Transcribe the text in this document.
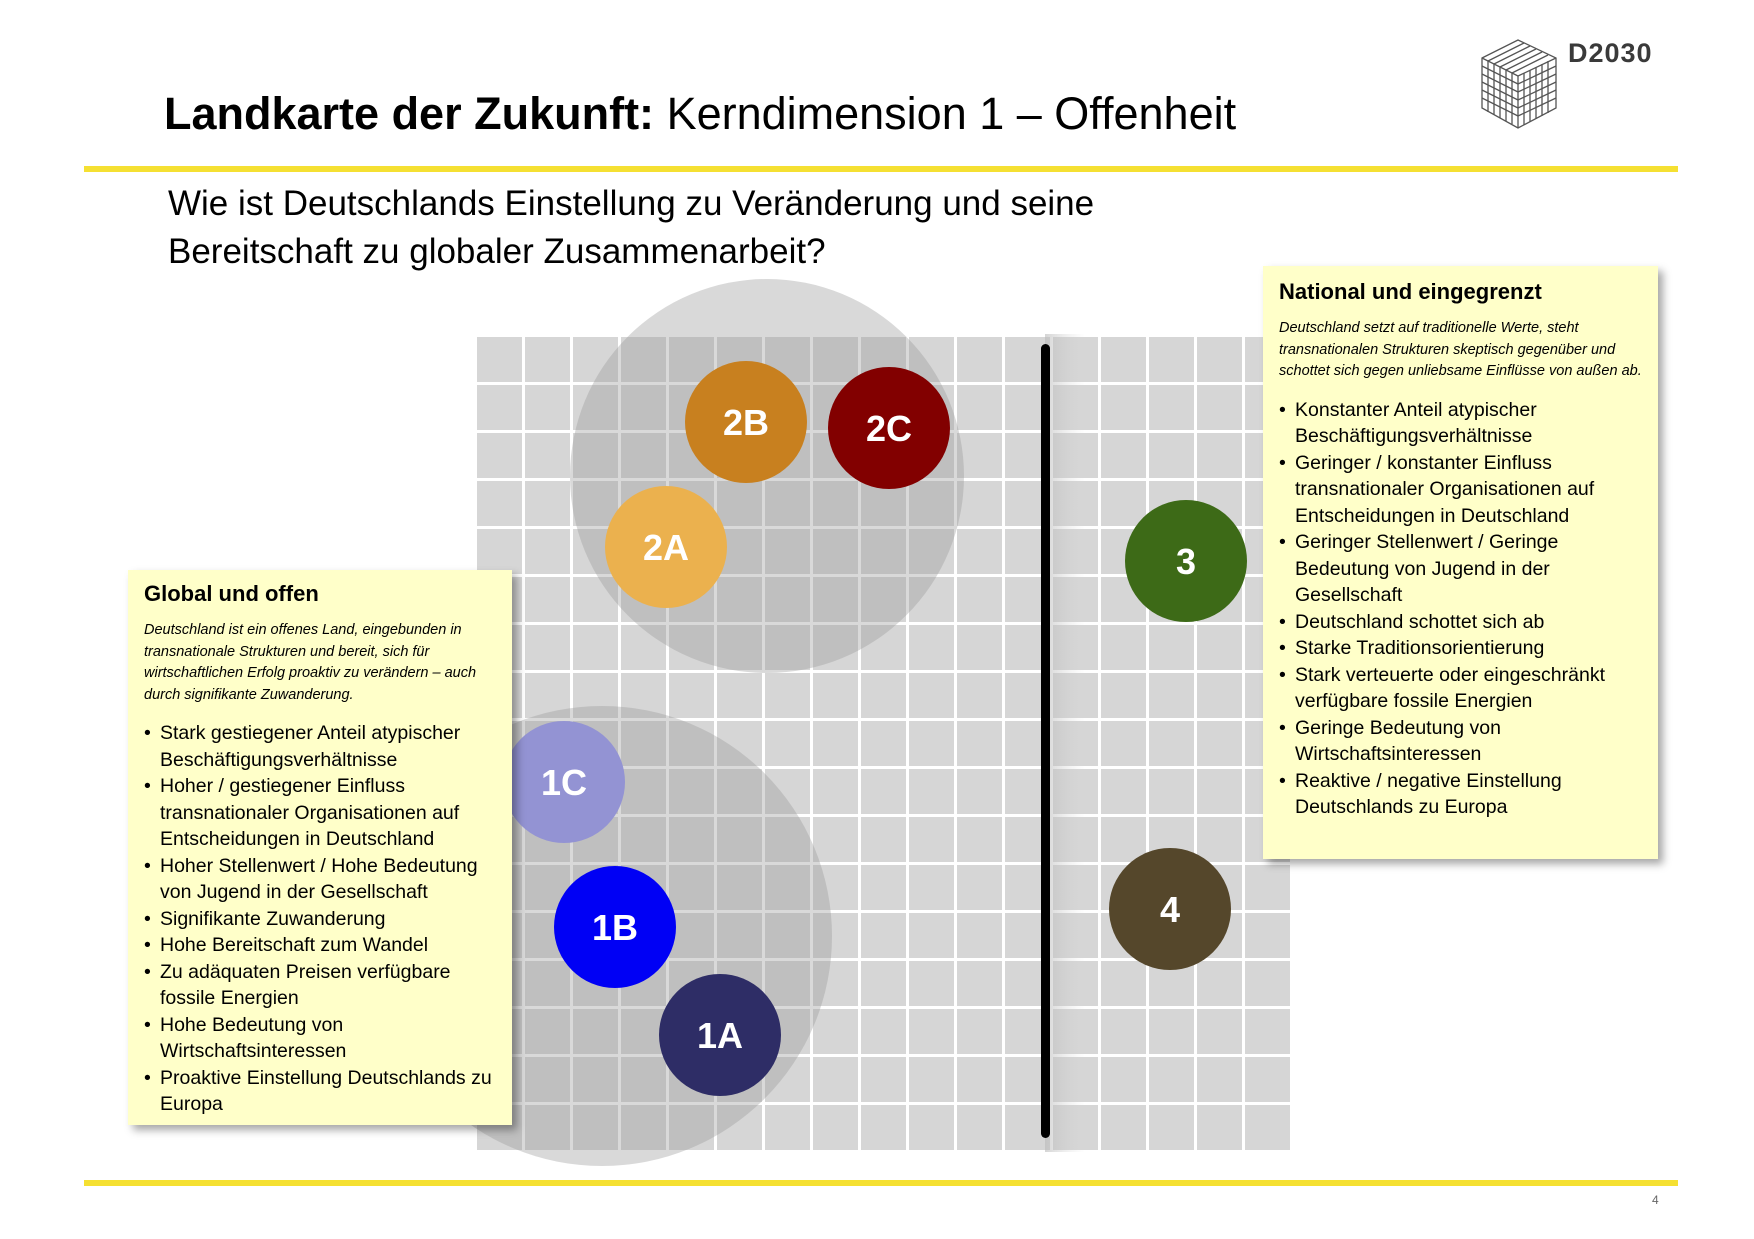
Landkarte der Zukunft: Kerndimension 1 – Offenheit
D2030
Wie ist Deutschlands Einstellung zu Veränderung und seine
Bereitschaft zu globaler Zusammenarbeit?
2B	2C
2A	3
1C
1B
1A
4
Global und offen
Deutschland ist ein offenes Land, eingebunden in transnationale Strukturen und bereit, sich für wirtschaftlichen Erfolg proaktiv zu verändern – auch durch signifikante Zuwanderung.
• Stark gestiegener Anteil atypischer Beschäftigungsverhältnisse
• Hoher / gestiegener Einfluss transnationaler Organisationen auf Entscheidungen in Deutschland
• Hoher Stellenwert / Hohe Bedeutung von Jugend in der Gesellschaft
• Signifikante Zuwanderung
• Hohe Bereitschaft zum Wandel
• Zu adäquaten Preisen verfügbare fossile Energien
• Hohe Bedeutung von Wirtschaftsinteressen
• Proaktive Einstellung Deutschlands zu Europa
National und eingegrenzt
Deutschland setzt auf traditionelle Werte, steht transnationalen Strukturen skeptisch gegenüber und schottet sich gegen unliebsame Einflüsse von außen ab.
• Konstanter Anteil atypischer Beschäftigungsverhältnisse
• Geringer / konstanter Einfluss transnationaler Organisationen auf Entscheidungen in Deutschland
• Geringer Stellenwert / Geringe Bedeutung von Jugend in der Gesellschaft
• Deutschland schottet sich ab
• Starke Traditionsorientierung
• Stark verteuerte oder eingeschränkt verfügbare fossile Energien
• Geringe Bedeutung von Wirtschaftsinteressen
• Reaktive / negative Einstellung Deutschlands zu Europa
4
